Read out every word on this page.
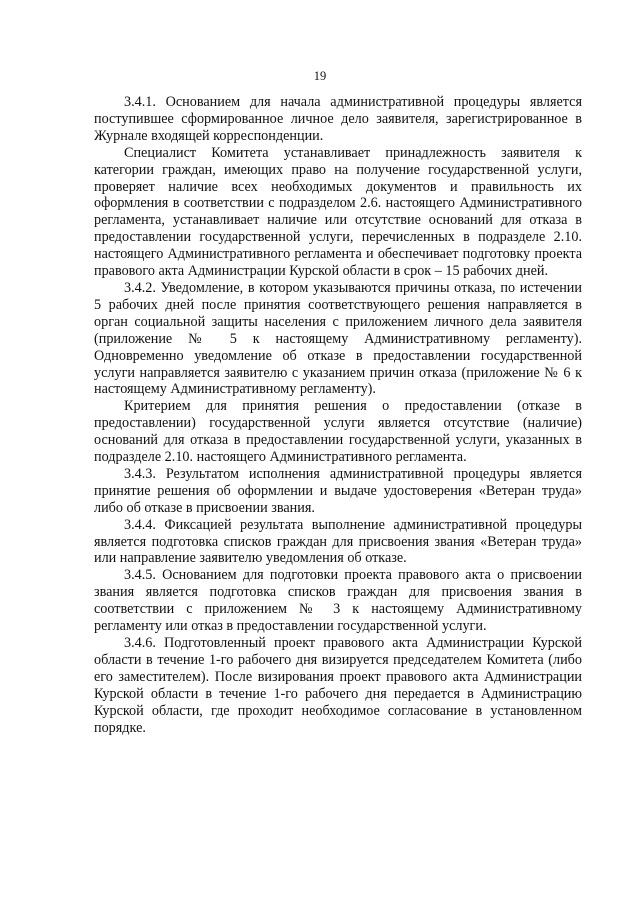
19

3.4.1. Основанием для начала административной процедуры является поступившее сформированное личное дело заявителя, зарегистрированное в Журнале входящей корреспонденции.

Специалист Комитета устанавливает принадлежность заявителя к категории граждан, имеющих право на получение государственной услуги, проверяет наличие всех необходимых документов и правильность их оформления в соответствии с подразделом 2.6. настоящего Административного регламента, устанавливает наличие или отсутствие оснований для отказа в предоставлении государственной услуги, перечисленных в подразделе 2.10. настоящего Административного регламента и обеспечивает подготовку проекта правового акта Администрации Курской области в срок – 15 рабочих дней.

3.4.2. Уведомление, в котором указываются причины отказа, по истечении 5 рабочих дней после принятия соответствующего решения направляется в орган социальной защиты населения с приложением личного дела заявителя (приложение № 5 к настоящему Административному регламенту). Одновременно уведомление об отказе в предоставлении государственной услуги направляется заявителю с указанием причин отказа (приложение № 6 к настоящему Административному регламенту).

Критерием для принятия решения о предоставлении (отказе в предоставлении) государственной услуги является отсутствие (наличие) оснований для отказа в предоставлении государственной услуги, указанных в подразделе 2.10. настоящего Административного регламента.

3.4.3. Результатом исполнения административной процедуры является принятие решения об оформлении и выдаче удостоверения «Ветеран труда» либо об отказе в присвоении звания.

3.4.4. Фиксацией результата выполнение административной процедуры является подготовка списков граждан для присвоения звания «Ветеран труда» или направление заявителю уведомления об отказе.

3.4.5. Основанием для подготовки проекта правового акта о присвоении звания является подготовка списков граждан для присвоения звания в соответствии с приложением № 3 к настоящему Административному регламенту или отказ в предоставлении государственной услуги.

3.4.6. Подготовленный проект правового акта Администрации Курской области в течение 1-го рабочего дня визируется председателем Комитета (либо его заместителем). После визирования проект правового акта Администрации Курской области в течение 1-го рабочего дня передается в Администрацию Курской области, где проходит необходимое согласование в установленном порядке.
